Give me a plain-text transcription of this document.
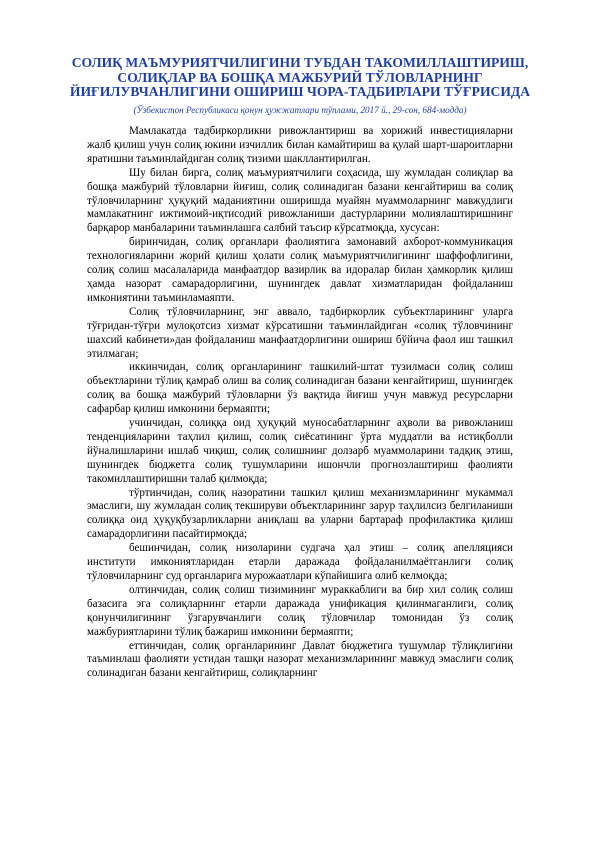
СОЛИҚ МАЪМУРИЯТЧИЛИГИНИ ТУБДАН ТАКОМИЛЛАШТИРИШ, СОЛИҚЛАР ВА БОШҚА МАЖБУРИЙ ТЎЛОВЛАРНИНГ ЙИҒИЛУВЧАНЛИГИНИ ОШИРИШ ЧОРА-ТАДБИРЛАРИ ТЎҒРИСИДА
(Ўзбекистон Республикаси қонун ҳужжатлари тўплами, 2017 й., 29-сон, 684-модда)

Мамлакатда тадбиркорликни ривожлантириш ва хорижий инвестицияларни жалб қилиш учун солиқ юкини изчиллик билан камайтириш ва қулай шарт-шароитларни яратишни таъминлайдиган солиқ тизими шакллантирилган.

Шу билан бирга, солиқ маъмуриятчилиги соҳасида, шу жумладан солиқлар ва бошқа мажбурий тўловларни йиғиш, солиқ солинадиган базани кенгайтириш ва солиқ тўловчиларнинг ҳуқуқий маданиятини оширишда муайян муаммоларнинг мавжудлиги мамлакатнинг ижтимоий-иқтисодий ривожланиши дастурларини молиялаштиришнинг барқарор манбаларини таъминлашга салбий таъсир кўрсатмоқда, хусусан:

биринчидан, солиқ органлари фаолиятига замонавий ахборот-коммуникация технологияларини жорий қилиш ҳолати солиқ маъмуриятчилигининг шаффофлигини, солиқ солиш масалаларида манфаатдор вазирлик ва идоралар билан ҳамкорлик қилиш ҳамда назорат самарадорлигини, шунингдек давлат хизматларидан фойдаланиш имкониятини таъминламаяпти.

Солиқ тўловчиларнинг, энг аввало, тадбиркорлик субъектларининг уларга тўғридан-тўғри мулоқотсиз хизмат кўрсатишни таъминлайдиган «солиқ тўловчининг шахсий кабинети»дан фойдаланиш манфаатдорлигини ошириш бўйича фаол иш ташкил этилмаган;

иккинчидан, солиқ органларининг ташкилий-штат тузилмаси солиқ солиш объектларини тўлиқ қамраб олиш ва солиқ солинадиган базани кенгайтириш, шунингдек солиқ ва бошқа мажбурий тўловларни ўз вақтида йиғиш учун мавжуд ресурсларни сафарбар қилиш имконини бермаяпти;

учинчидан, солиққа оид ҳуқуқий муносабатларнинг аҳволи ва ривожланиш тенденцияларини таҳлил қилиш, солиқ сиёсатининг ўрта муддатли ва истиқболли йўналишларини ишлаб чиқиш, солиқ солишнинг долзарб муаммоларини тадқиқ этиш, шунингдек бюджетга солиқ тушумларини ишончли прогнозлаштириш фаолияти такомиллаштиришни талаб қилмоқда;

тўртинчидан, солиқ назоратини ташкил қилиш механизмларининг мукаммал эмаслиги, шу жумладан солиқ текшируви объектларининг зарур таҳлилсиз белгиланиши солиққа оид ҳуқуқбузарликларни аниқлаш ва уларни бартараф профилактика қилиш самарадорлигини пасайтирмоқда;

бешинчидан, солиқ низоларини судгача ҳал этиш – солиқ апелляцияси институти имкониятларидан етарли даражада фойдаланилмаётганлиги солиқ тўловчиларнинг суд органларига мурожаатлари кўпайишига олиб келмоқда;

олтинчидан, солиқ солиш тизимининг мураккаблиги ва бир хил солиқ солиш базасига эга солиқларнинг етарли даражада унификация қилинмаганлиги, солиқ қонунчилигининг ўзгарувчанлиги солиқ тўловчилар томонидан ўз солиқ мажбуриятларини тўлиқ бажариш имконини бермаяпти;

еттинчидан, солиқ органларининг Давлат бюджетига тушумлар тўлиқлигини таъминлаш фаолияти устидан ташқи назорат механизмларининг мавжуд эмаслиги солиқ солинадиган базани кенгайтириш, солиқларнинг
